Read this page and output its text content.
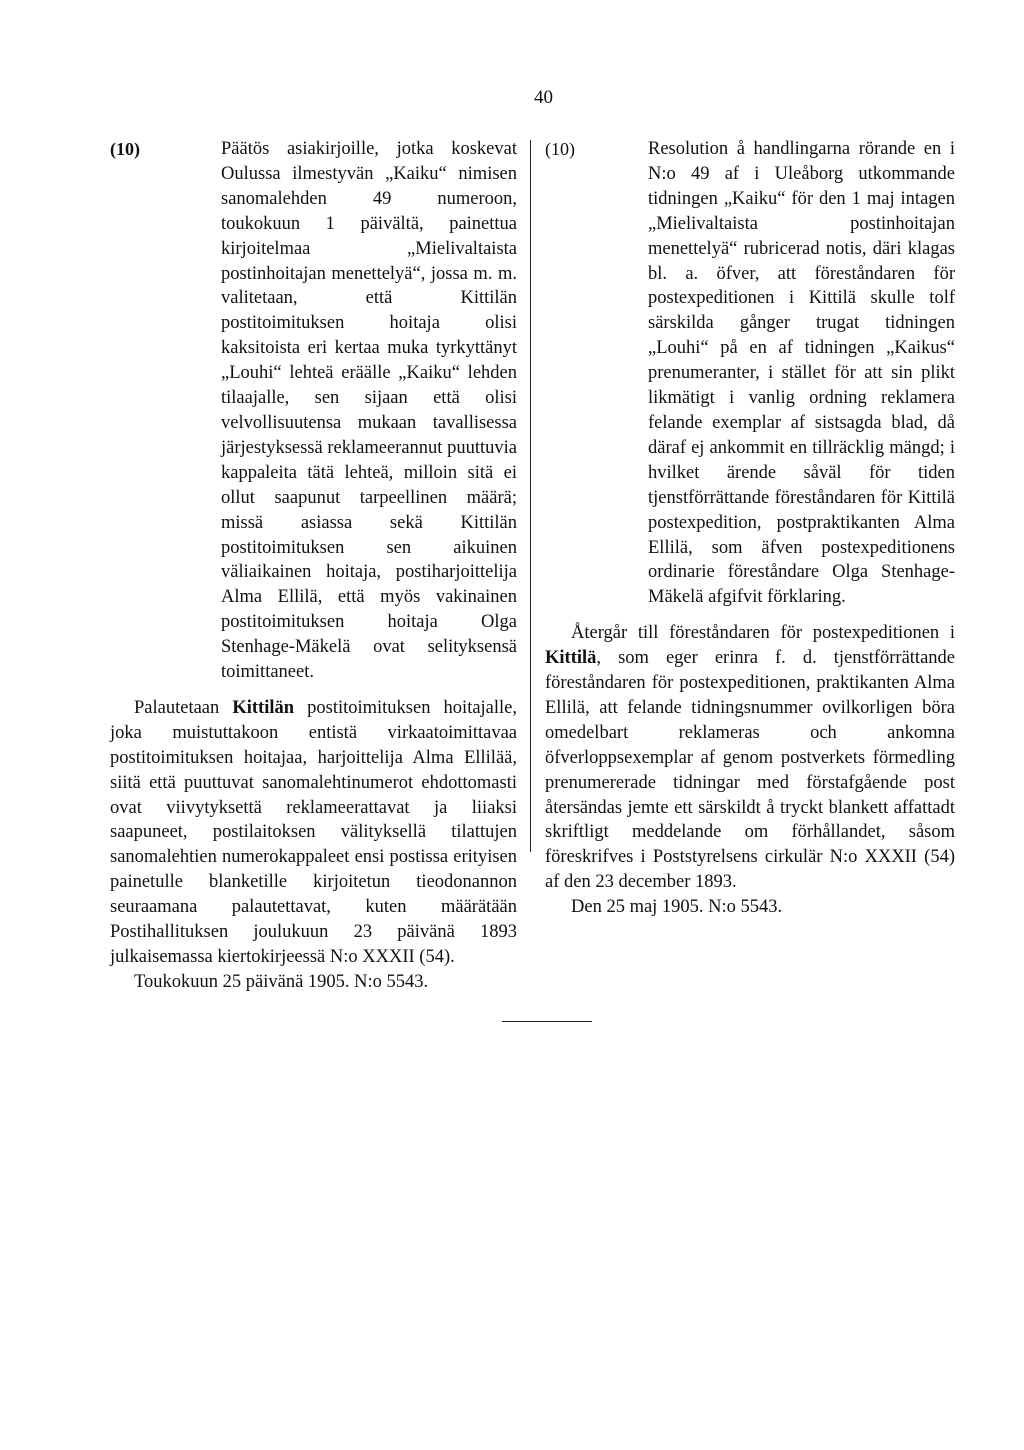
40
(10)	Päätös asiakirjoille, jotka koskevat Oulussa ilmestyvän „Kaiku“ nimisen sanomalehden 49 numeroon, toukokuun 1 päivältä, painettua kirjoitelmaa „Mielivaltaista postinhoitajan menettelyä“, jossa m. m. valitetaan, että Kittilän postitoimituksen hoitaja olisi kaksitoista eri kertaa muka tyrkyttänyt „Louhi“ lehteä eräälle „Kaiku“ lehden tilaajalle, sen sijaan että olisi velvollisuutensa mukaan tavallisessa järjestyksessä reklameerannut puuttuvia kappaleita tätä lehteä, milloin sitä ei ollut saapunut tarpeellinen määrä; missä asiassa sekä Kittilän postitoimituksen sen aikuinen väliaikainen hoitaja, postiharjoittelija Alma Ellilä, että myös vakinainen postitoimituksen hoitaja Olga Stenhage-Mäkelä ovat selityksensä toimittaneet.

Palautetaan Kittilän postitoimituksen hoitajalle, joka muistuttakoon entistä virkaatoimittavaa postitoimituksen hoitajaa, harjoittelija Alma Ellilää, siitä että puuttuvat sanomalehtinumerot ehdottomasti ovat viivytyksettä reklameerattavat ja liiaksi saapuneet, postilaitoksen välityksellä tilattujen sanomalehtien numerokappaleet ensi postissa erityisen painetulle blanketille kirjoitetun tieodonannon seuraamana palautettavat, kuten määrätään Postihallituksen joulukuun 23 päivänä 1893 julkaisemassa kiertokirjeessä N:o XXXII (54).

Toukokuun 25 päivänä 1905. N:o 5543.
(10)	Resolution å handlingarna rörande en i N:o 49 af i Uleåborg utkommande tidningen „Kaiku“ för den 1 maj intagen „Mielivaltaista postinhoitajan menettelyä“ rubricerad notis, däri klagas bl. a. öfver, att föreståndaren för postexpeditionen i Kittilä skulle tolf särskilda gånger trugat tidningen „Louhi“ på en af tidningen „Kaikus“ prenumeranter, i stället för att sin plikt likmätigt i vanlig ordning reklamera felande exemplar af sistsagda blad, då däraf ej ankommit en tillräcklig mängd; i hvilket ärende såväl för tiden tjenstförrättande föreståndaren för Kittilä postexpedition, postpraktikanten Alma Ellilä, som äfven postexpeditionens ordinarie föreståndare Olga Stenhage-Mäkelä afgifvit förklaring.

Återgår till föreståndaren för postexpeditionen i Kittilä, som eger erinra f. d. tjenstförrättande föreståndaren för postexpeditionen, praktikanten Alma Ellilä, att felande tidningsnummer ovilkorligen böra omedelbart reklameras och ankomna öfverloppsexemplar af genom postverkets förmedling prenumererade tidningar med förstafgående post återsändas jemte ett särskildt å tryckt blankett affattadt skriftligt meddelande om förhållandet, såsom föreskrifves i Poststyrelsens cirkulär N:o XXXII (54) af den 23 december 1893.

Den 25 maj 1905. N:o 5543.
